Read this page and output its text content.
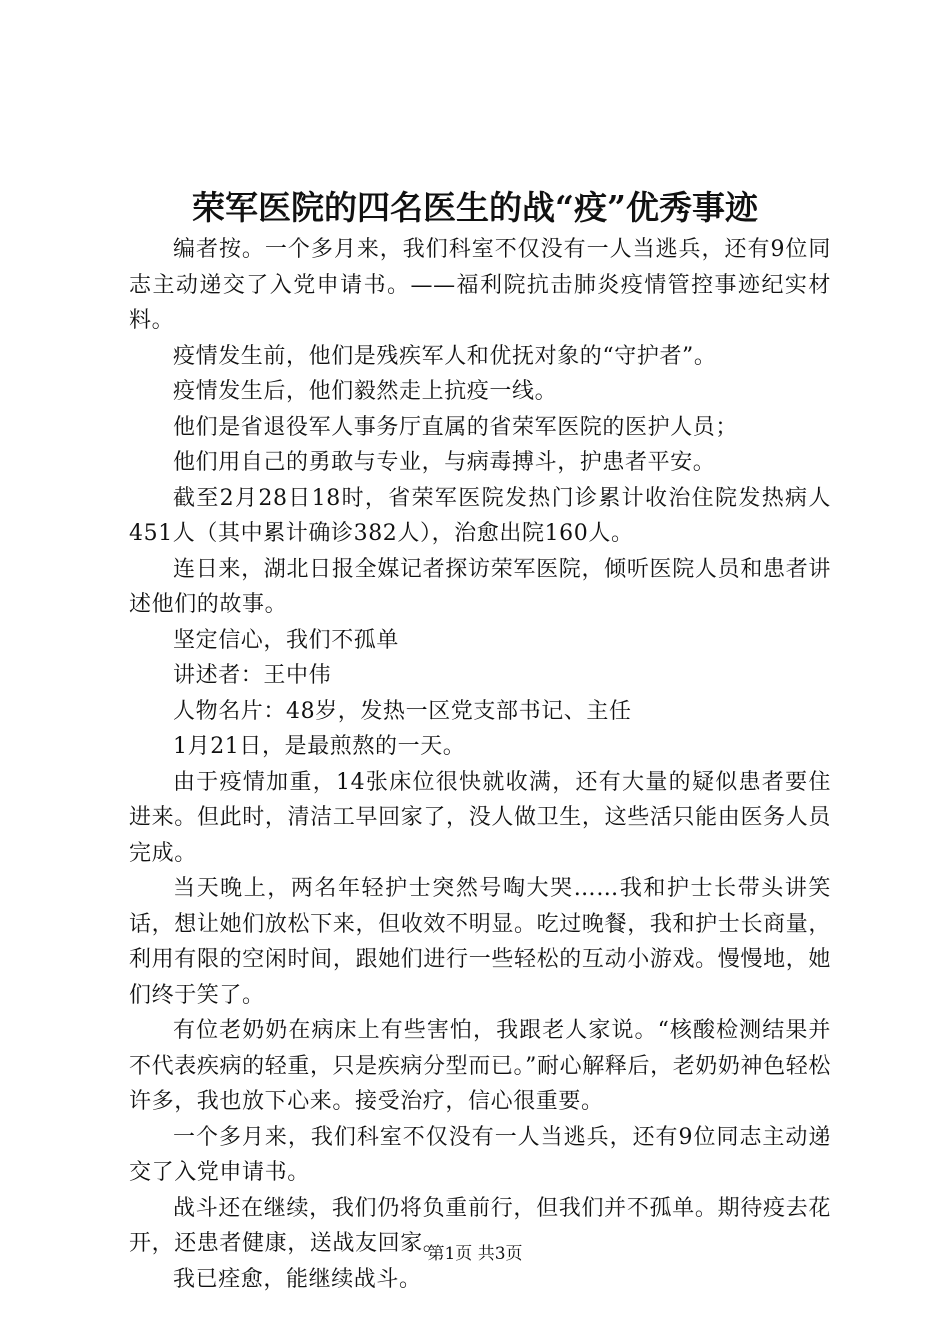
荣军医院的四名医生的战“疫”优秀事迹

编者按。一个多月来，我们科室不仅没有一人当逃兵，还有9位同志主动递交了入党申请书。——福利院抗击肺炎疫情管控事迹纪实材料。

疫情发生前，他们是残疾军人和优抚对象的“守护者”。

疫情发生后，他们毅然走上抗疫一线。

他们是省退役军人事务厅直属的省荣军医院的医护人员；

他们用自己的勇敢与专业，与病毒搏斗，护患者平安。

截至2月28日18时，省荣军医院发热门诊累计收治住院发热病人451人（其中累计确诊382人），治愈出院160人。

连日来，湖北日报全媒记者探访荣军医院，倾听医院人员和患者讲述他们的故事。

坚定信心，我们不孤单

讲述者：王中伟

人物名片：48岁，发热一区党支部书记、主任

1月21日，是最煎熬的一天。

由于疫情加重，14张床位很快就收满，还有大量的疑似患者要住进来。但此时，清洁工早回家了，没人做卫生，这些活只能由医务人员完成。

当天晚上，两名年轻护士突然号啕大哭……我和护士长带头讲笑话，想让她们放松下来，但收效不明显。吃过晚餐，我和护士长商量，利用有限的空闲时间，跟她们进行一些轻松的互动小游戏。慢慢地，她们终于笑了。

有位老奶奶在病床上有些害怕，我跟老人家说。“核酸检测结果并不代表疾病的轻重，只是疾病分型而已。”耐心解释后，老奶奶神色轻松许多，我也放下心来。接受治疗，信心很重要。

一个多月来，我们科室不仅没有一人当逃兵，还有9位同志主动递交了入党申请书。

战斗还在继续，我们仍将负重前行，但我们并不孤单。期待疫去花开，还患者健康，送战友回家。

我已痊愈，能继续战斗。

第1页 共3页
